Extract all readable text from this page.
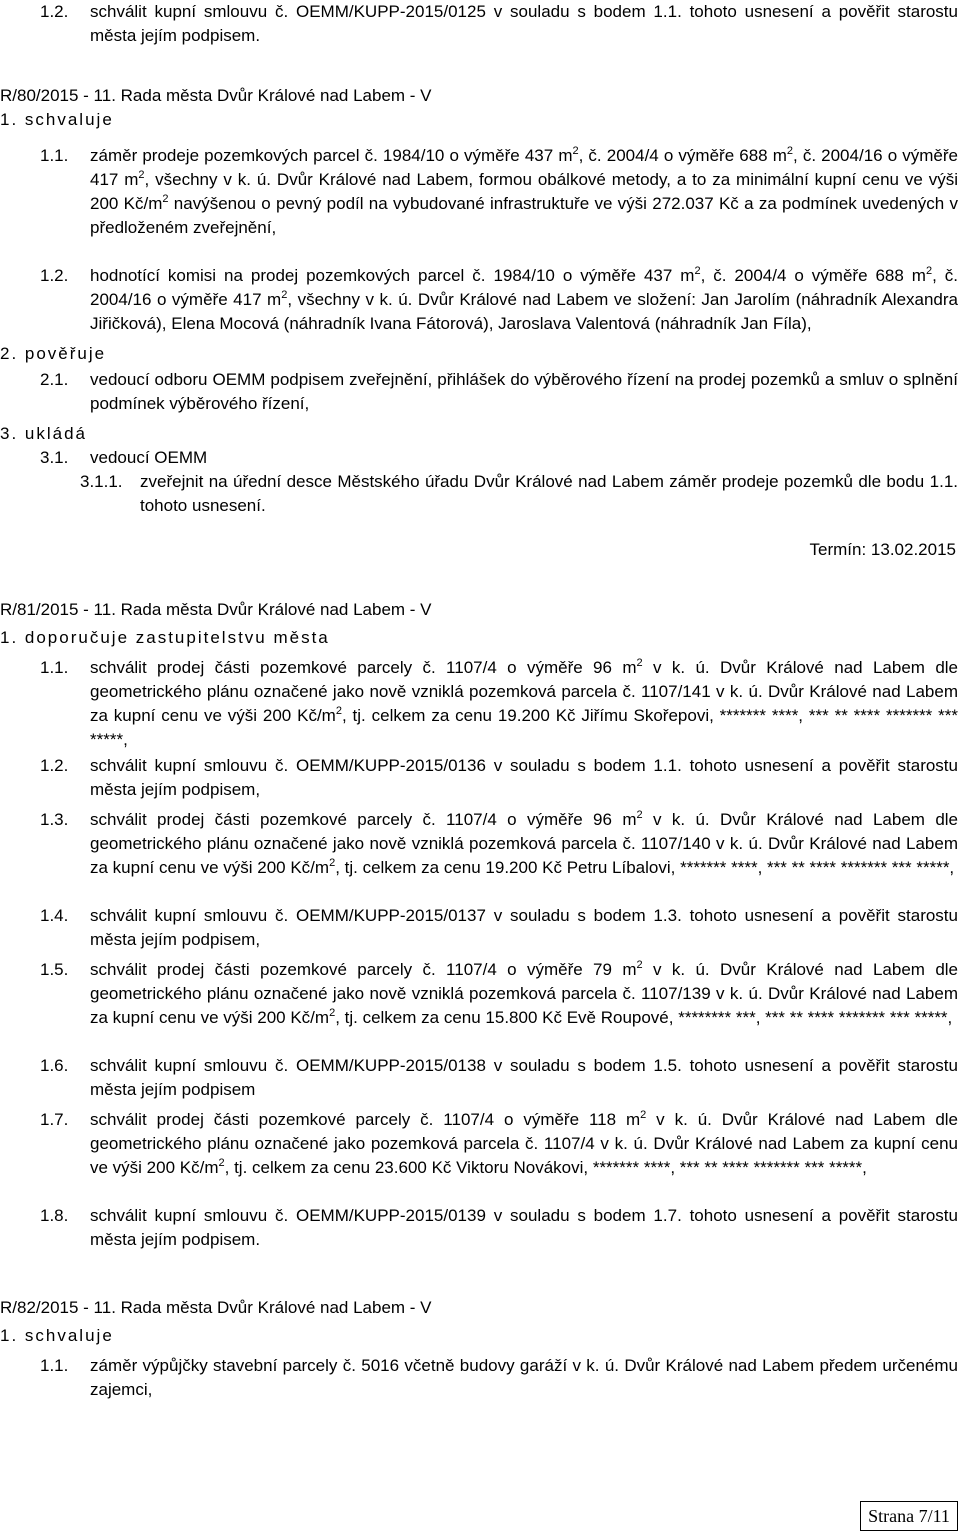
1.2.	schválit kupní smlouvu č. OEMM/KUPP-2015/0125 v souladu s bodem 1.1. tohoto usnesení a pověřit starostu města jejím podpisem.
R/80/2015 - 11. Rada města Dvůr Králové nad Labem - V
1. schvaluje
1.1.	záměr prodeje pozemkových parcel č. 1984/10 o výměře 437 $m^2$, č. 2004/4 o výměře 688 $m^2$, č. 2004/16 o výměře 417 $m^2$, všechny v k. ú. Dvůr Králové nad Labem, formou obálkové metody, a to za minimální kupní cenu ve výši 200 $Kč/m^2$ navýšenou o pevný podíl na vybudované infrastruktuře ve výši 272.037 Kč a za podmínek uvedených v předloženém zveřejnění,
1.2.	hodnotící komisi na prodej pozemkových parcel č. 1984/10 o výměře 437 $m^2$, č. 2004/4 o výměře 688 $m^2$, č. 2004/16 o výměře 417 $m^2$, všechny v k. ú. Dvůr Králové nad Labem ve složení: Jan Jarolím (náhradník Alexandra Jiřičková), Elena Mocová (náhradník Ivana Fátorová), Jaroslava Valentová (náhradník Jan Fíla),
2. pověřuje
2.1.	vedoucí odboru OEMM podpisem zveřejnění, přihlášek do výběrového řízení na prodej pozemků a smluv o splnění podmínek výběrového řízení,
3. ukládá
3.1.	vedoucí OEMM
3.1.1.	zveřejnit na úřední desce Městského úřadu Dvůr Králové nad Labem záměr prodeje pozemků dle bodu 1.1. tohoto usnesení.
Termín: 13.02.2015
R/81/2015 - 11. Rada města Dvůr Králové nad Labem - V
1. doporučuje zastupitelstvu města
1.1.	schválit prodej části pozemkové parcely č. 1107/4 o výměře 96 $m^2$ v k. ú. Dvůr Králové nad Labem dle geometrického plánu označené jako nově vzniklá pozemková parcela č. 1107/141 v k. ú. Dvůr Králové nad Labem za kupní cenu ve výši 200 $Kč/m^2$, tj. celkem za cenu 19.200 Kč Jiřímu Skořepovi, ******* ****, *** ** **** ******* *** *****,
1.2.	schválit kupní smlouvu č. OEMM/KUPP-2015/0136 v souladu s bodem 1.1. tohoto usnesení a pověřit starostu města jejím podpisem,
1.3.	schválit prodej části pozemkové parcely č. 1107/4 o výměře 96 $m^2$ v k. ú. Dvůr Králové nad Labem dle geometrického plánu označené jako nově vzniklá pozemková parcela č. 1107/140 v k. ú. Dvůr Králové nad Labem za kupní cenu ve výši 200 $Kč/m^2$, tj. celkem za cenu 19.200 Kč Petru Líbalovi, ******* ****, *** ** **** ******* *** *****,
1.4.	schválit kupní smlouvu č. OEMM/KUPP-2015/0137 v souladu s bodem 1.3. tohoto usnesení a pověřit starostu města jejím podpisem,
1.5.	schválit prodej části pozemkové parcely č. 1107/4 o výměře 79 $m^2$ v k. ú. Dvůr Králové nad Labem dle geometrického plánu označené jako nově vzniklá pozemková parcela č. 1107/139 v k. ú. Dvůr Králové nad Labem za kupní cenu ve výši 200 $Kč/m^2$, tj. celkem za cenu 15.800 Kč Evě Roupové, ******** ***, *** ** **** ******* *** *****,
1.6.	schválit kupní smlouvu č. OEMM/KUPP-2015/0138 v souladu s bodem 1.5. tohoto usnesení a pověřit starostu města jejím podpisem
1.7.	schválit prodej části pozemkové parcely č. 1107/4 o výměře 118 $m^2$ v k. ú. Dvůr Králové nad Labem dle geometrického plánu označené jako pozemková parcela č. 1107/4 v k. ú. Dvůr Králové nad Labem za kupní cenu ve výši 200 $Kč/m^2$, tj. celkem za cenu 23.600 Kč Viktoru Novákovi, ******* ****, *** ** **** ******* *** *****,
1.8.	schválit kupní smlouvu č. OEMM/KUPP-2015/0139 v souladu s bodem 1.7. tohoto usnesení a pověřit starostu města jejím podpisem.
R/82/2015 - 11. Rada města Dvůr Králové nad Labem - V
1. schvaluje
1.1.	záměr výpůjčky stavební parcely č. 5016 včetně budovy garáží v k. ú. Dvůr Králové nad Labem předem určenému zajemci,
Strana 7/11
